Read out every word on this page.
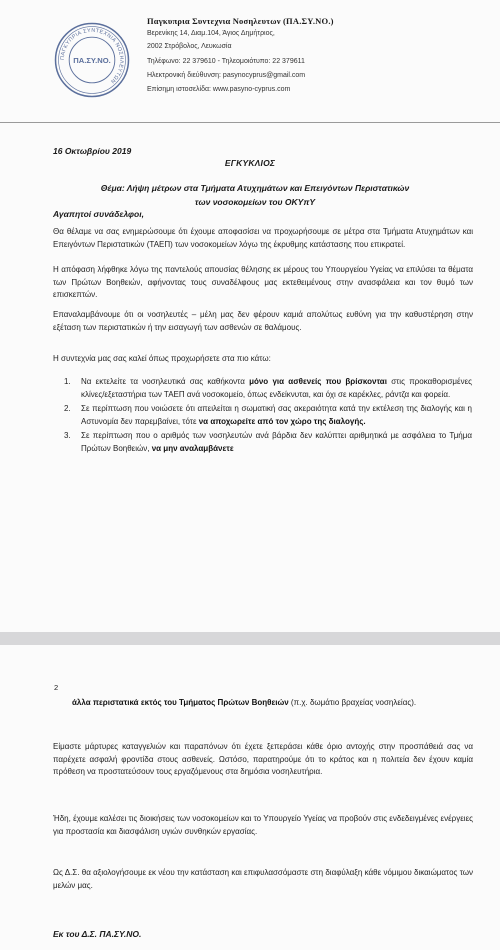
ΠΑΓΚΥΠΡΙΑ ΣΥΝΤΕΧΝΙΑ ΝΟΣΗΛΕΥΤΩΝ
ΠΑ.ΣΥ.ΝΟ.
Παγκυπρια Συντεχνια Νοσηλευτων (ΠΑ.ΣΥ.ΝΟ.)
Βερενίκης 14, Διαμ.104, Άγιος Δημήτριος,
2002 Στρόβολος, Λευκωσία
Τηλέφωνο: 22 379610 - Τηλεομοιότυπο: 22 379611
Ηλεκτρονική διεύθυνση: pasynocyprus@gmail.com
Επίσημη ιστοσελίδα: www.pasyno-cyprus.com
16 Οκτωβρίου 2019
ΕΓΚΥΚΛΙΟΣ
Θέμα: Λήψη μέτρων στα Τμήματα Ατυχημάτων και Επειγόντων Περιστατικών
των νοσοκομείων του ΟΚΥπΥ
Αγαπητοί συνάδελφοι,
Θα θέλαμε να σας ενημερώσουμε ότι έχουμε αποφασίσει να προχωρήσουμε σε μέτρα στα Τμήματα Ατυχημάτων και Επειγόντων Περιστατικών (ΤΑΕΠ) των νοσοκομείων λόγω της έκρυθμης κατάστασης που επικρατεί.
Η απόφαση λήφθηκε λόγω της παντελούς απουσίας θέλησης εκ μέρους του Υπουργείου Υγείας να επιλύσει τα θέματα των Πρώτων Βοηθειών, αφήνοντας τους συναδέλφους μας εκτεθειμένους στην ανασφάλεια και τον θυμό των επισκεπτών.
Επαναλαμβάνουμε ότι οι νοσηλευτές – μέλη μας δεν φέρουν καμιά απολύτως ευθύνη για την καθυστέρηση στην εξέταση των περιστατικών ή την εισαγωγή των ασθενών σε θαλάμους.
Η συντεχνία μας σας καλεί όπως προχωρήσετε στα πιο κάτω:
1. Να εκτελείτε τα νοσηλευτικά σας καθήκοντα μόνο για ασθενείς που βρίσκονται στις προκαθορισμένες κλίνες/εξεταστήρια των ΤΑΕΠ ανά νοσοκομείο, όπως ενδείκνυται, και όχι σε καρέκλες, ράντζα και φορεία.
2. Σε περίπτωση που νοιώσετε ότι απειλείται η σωματική σας ακεραιότητα κατά την εκτέλεση της διαλογής και η Αστυνομία δεν παρεμβαίνει, τότε να αποχωρείτε από τον χώρο της διαλογής.
3. Σε περίπτωση που ο αριθμός των νοσηλευτών ανά βάρδια δεν καλύπτει αριθμητικά με ασφάλεια το Τμήμα Πρώτων Βοηθειών, να μην αναλαμβάνετε
2
άλλα περιστατικά εκτός του Τμήματος Πρώτων Βοηθειών (π.χ. δωμάτιο βραχείας νοσηλείας).
Είμαστε μάρτυρες καταγγελιών και παραπόνων ότι έχετε ξεπεράσει κάθε όριο αντοχής στην προσπάθειά σας να παρέχετε ασφαλή φροντίδα στους ασθενείς. Ωστόσο, παρατηρούμε ότι το κράτος και η πολιτεία δεν έχουν καμία πρόθεση να προστατεύσουν τους εργαζόμενους στα δημόσια νοσηλευτήρια.
Ήδη, έχουμε καλέσει τις διοικήσεις των νοσοκομείων και το Υπουργείο Υγείας να προβούν στις ενδεδειγμένες ενέργειες για προστασία και διασφάλιση υγιών συνθηκών εργασίας.
Ως Δ.Σ. θα αξιολογήσουμε εκ νέου την κατάσταση και επιφυλασσόμαστε στη διαφύλαξη κάθε νόμιμου δικαιώματος των μελών μας.
Εκ του Δ.Σ. ΠΑ.ΣΥ.ΝΟ.
